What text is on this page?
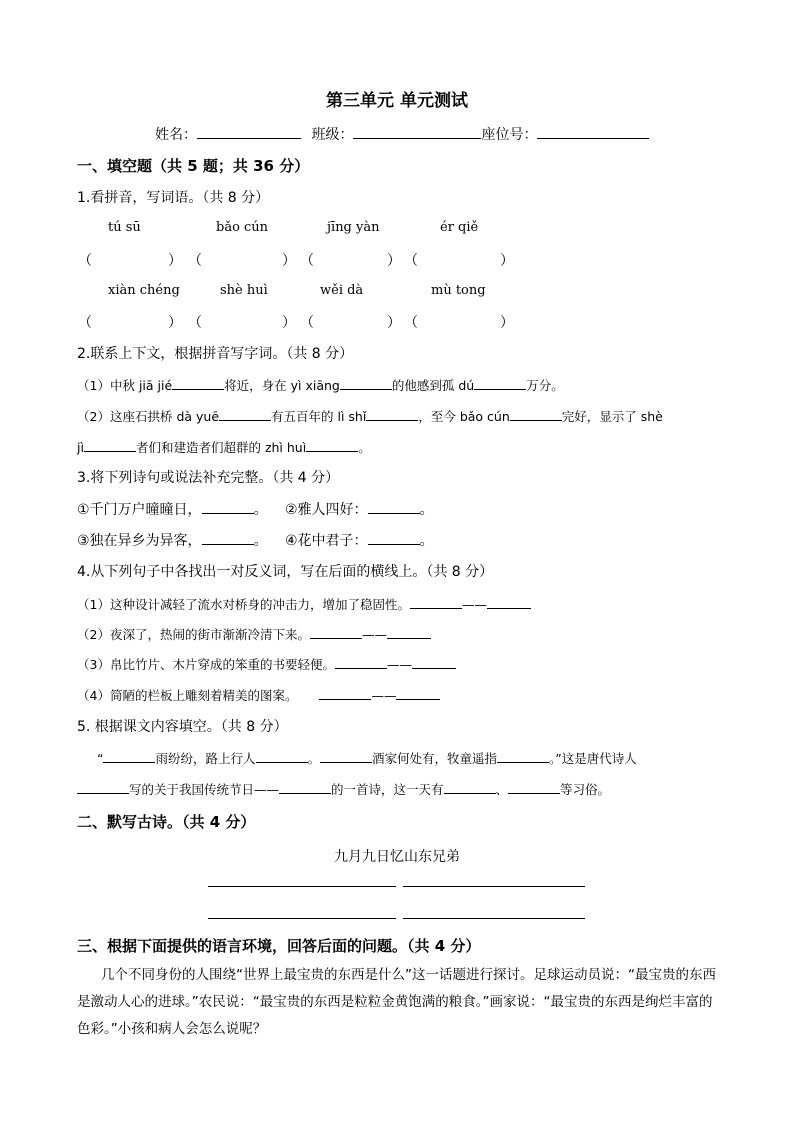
第三单元 单元测试
姓名：	班级：	座位号：
一、填空题（共 5 题；共 36 分）
1.看拼音，写词语。（共 8 分）
tú sū	bǎo cún	jīng yàn	ér qiě
（	） （	） （	） （	）
xiàn chéng	shè huì	wěi dà	mù tong
（	） （	） （	） （	）
2.联系上下文，根据拼音写字词。（共 8 分）
（1）中秋 jiā jié	将近，身在 yì xiāng	的他感到孤 dú	万分。
（2）这座石拱桥 dà yuē	有五百年的 lì shǐ	，至今 bǎo cún	完好，显示了 shè
jì	者们和建造者们超群的 zhì huì	。
3.将下列诗句或说法补充完整。（共 4 分）
①千门万户曈曈日，	。 ②雅人四好：	。
③独在异乡为异客，	。 ④花中君子：	。
4.从下列句子中各找出一对反义词，写在后面的横线上。（共 8 分）
（1）这种设计减轻了流水对桥身的冲击力，增加了稳固性。	——
（2）夜深了，热闹的街市渐渐冷清下来。	——
（3）帛比竹片、木片穿成的笨重的书要轻便。	——
（4）简陋的栏板上雕刻着精美的图案。	——
5. 根据课文内容填空。（共 8 分）
“	雨纷纷，路上行人	。	酒家何处有，牧童遥指	。”这是唐代诗人
写的关于我国传统节日——	的一首诗，这一天有	、	等习俗。
二、默写古诗。（共 4 分）
九月九日忆山东兄弟
三、根据下面提供的语言环境，回答后面的问题。（共 4 分）
几个不同身份的人围绕“世界上最宝贵的东西是什么”这一话题进行探讨。足球运动员说：“最宝贵的东西是激动人心的进球。”农民说：“最宝贵的东西是粒粒金黄饱满的粮食。”画家说：“最宝贵的东西是绚烂丰富的色彩。”小孩和病人会怎么说呢？
